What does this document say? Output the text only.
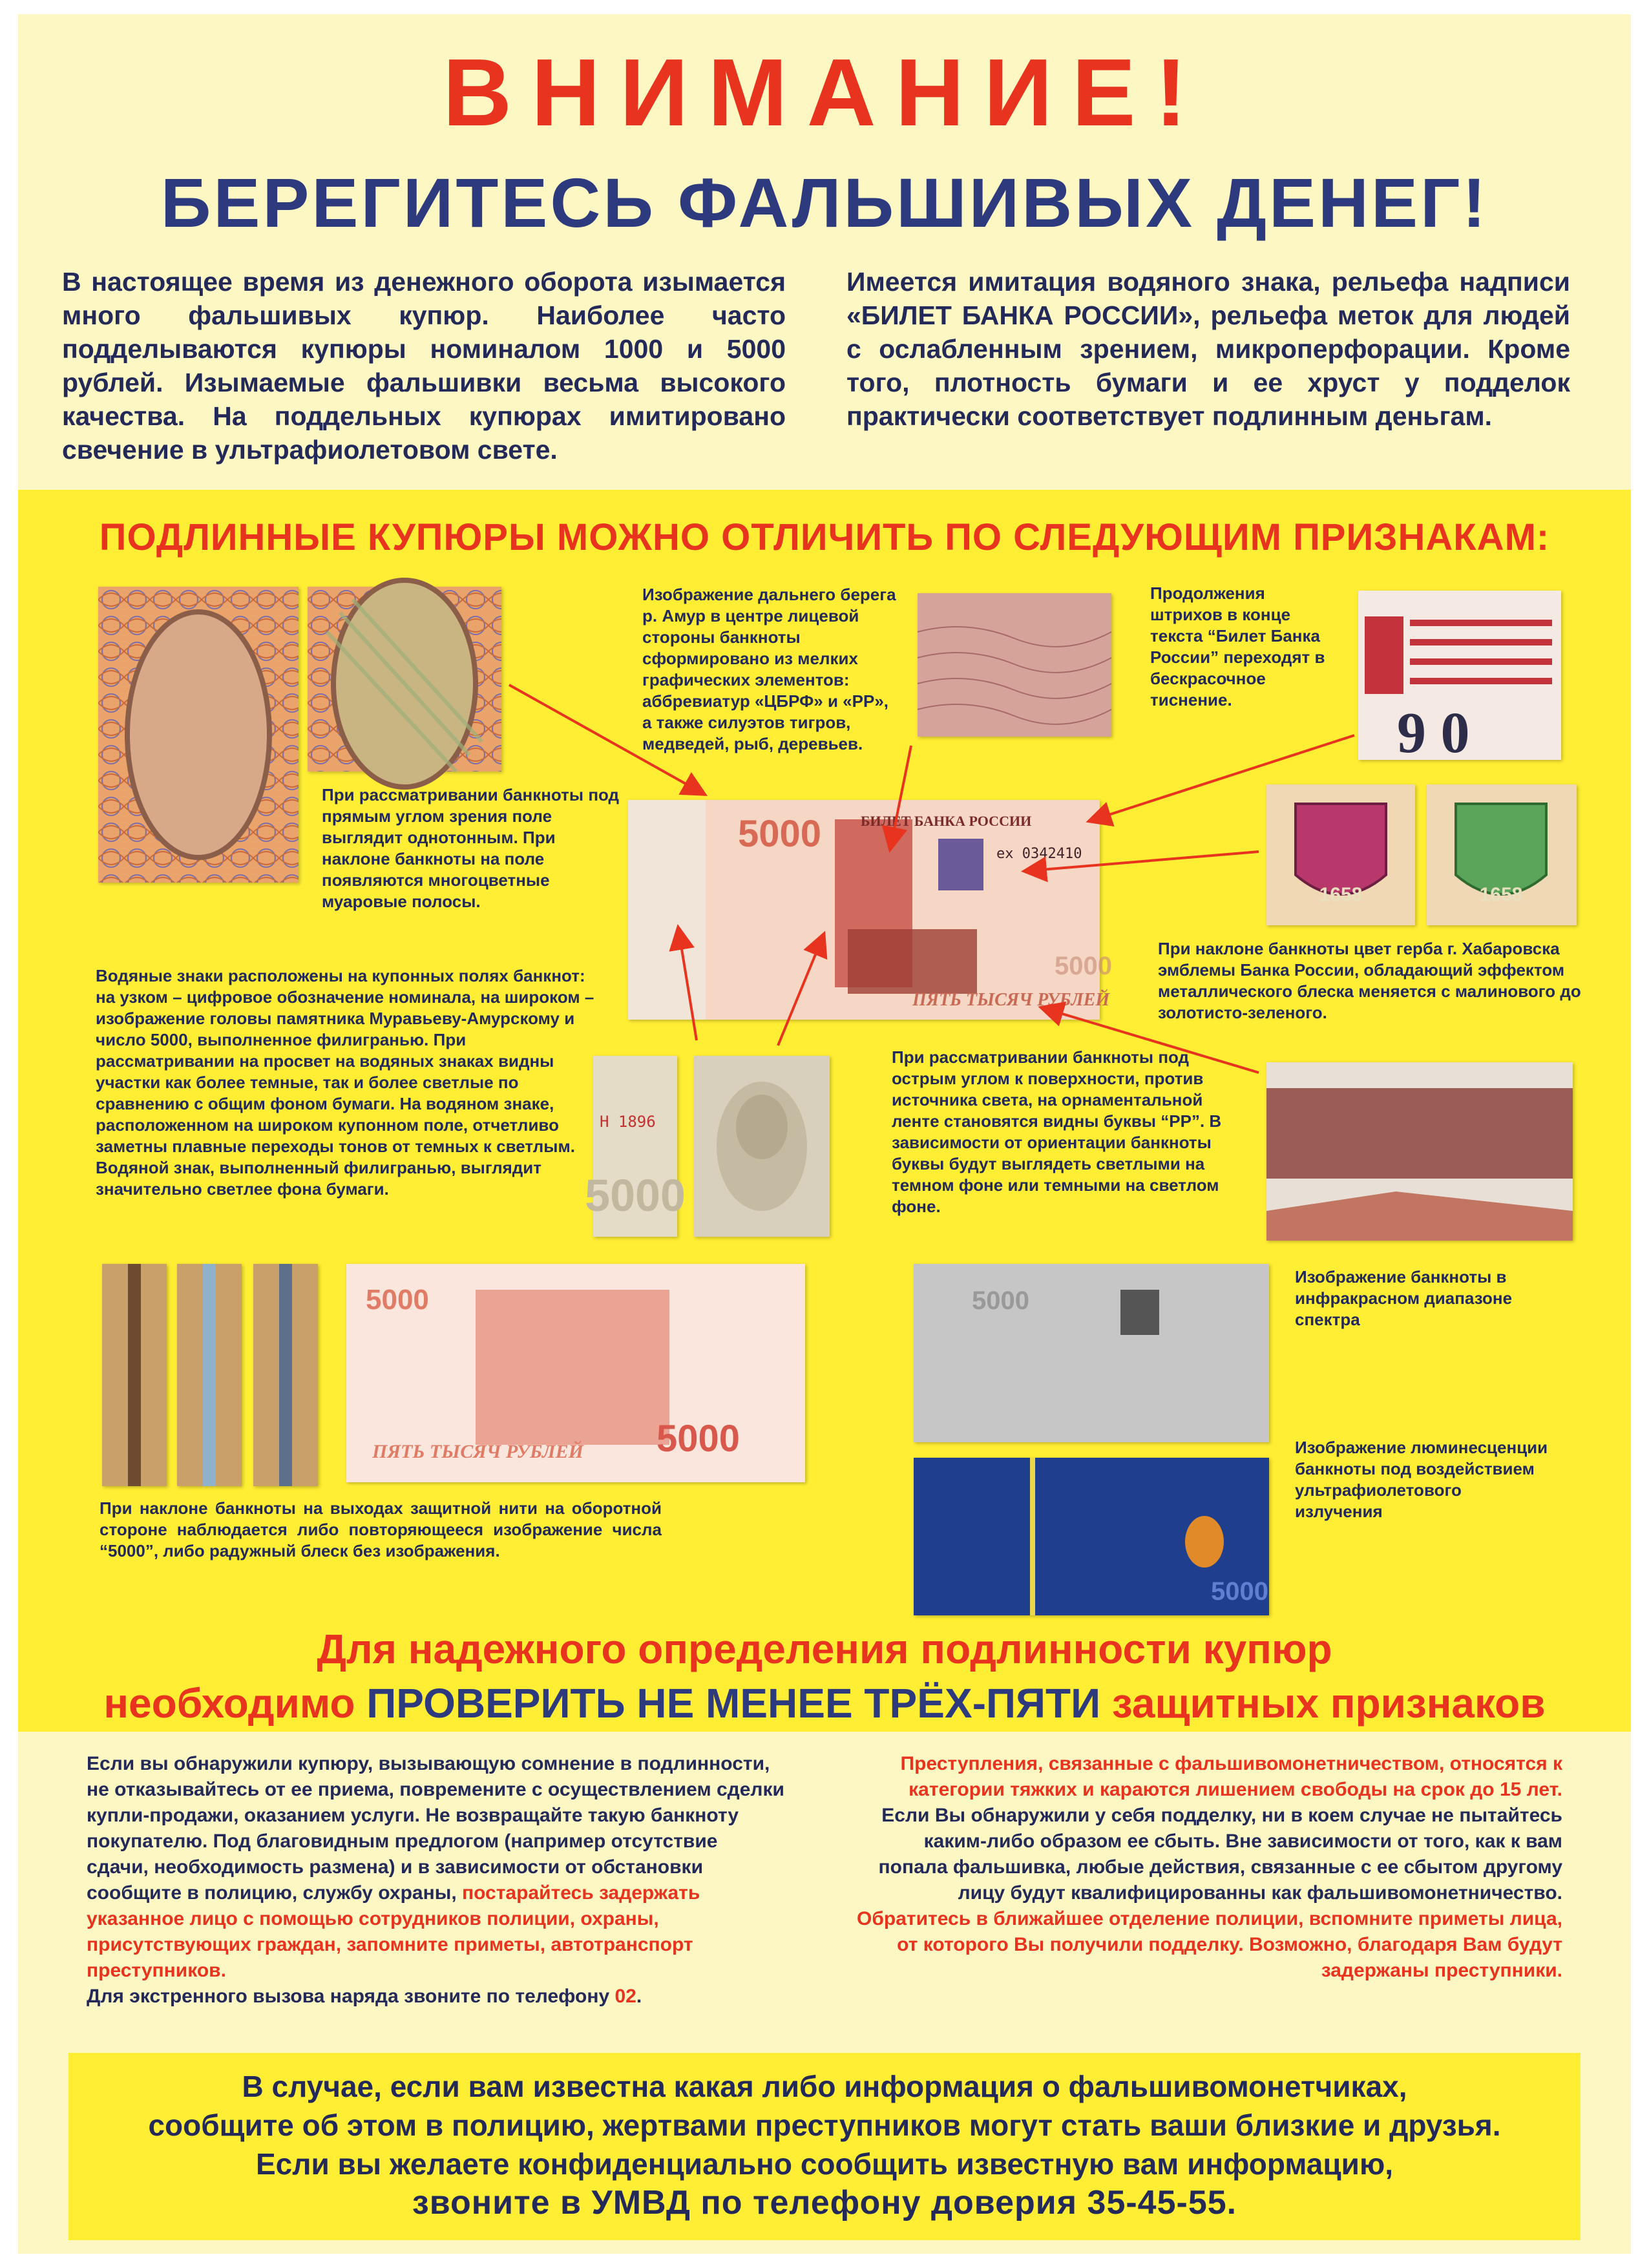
ВНИМАНИЕ!
БЕРЕГИТЕСЬ ФАЛЬШИВЫХ ДЕНЕГ!
В настоящее время из денежного оборота изымается много фальшивых купюр. Наиболее часто подделываются купюры номиналом 1000 и 5000 рублей. Изымаемые фальшивки весьма высокого качества. На поддельных купюрах имитировано свечение в ультрафиолетовом свете.
Имеется имитация водяного знака, рельефа надписи «БИЛЕТ БАНКА РОССИИ», рельефа меток для людей с ослабленным зрением, микроперфорации. Кроме того, плотность бумаги и ее хруст у подделок практически соответствует подлинным деньгам.
ПОДЛИННЫЕ КУПЮРЫ МОЖНО ОТЛИЧИТЬ ПО СЛЕДУЮЩИМ ПРИЗНАКАМ:
При рассматривании банкноты под прямым углом зрения поле выглядит однотонным. При наклоне банкноты на поле появляются многоцветные муаровые полосы.
Изображение дальнего берега р. Амур в центре лицевой стороны банкноты сформировано из мелких графических элементов: аббревиатур «ЦБРФ» и «РР», а также силуэтов тигров, медведей, рыб, деревьев.
Продолжения штрихов в конце текста “Билет Банка России” переходят в бескрасочное тиснение.
9 0
1658	1658
При наклоне банкноты цвет герба г. Хабаровска эмблемы Банка России, обладающий эффектом металлического блеска меняется с малинового до золотисто-зеленого.
5000	БИЛЕТ БАНКА РОССИИ
ех 0342410
ПЯТЬ ТЫСЯЧ РУБЛЕЙ
5000
Водяные знаки расположены на купонных полях банкнот: на узком – цифровое обозначение номинала, на широком – изображение головы памятника Муравьеву-Амурскому и число 5000, выполненное филигранью. При рассматривании на просвет на водяных знаках видны участки как более темные, так и более светлые по сравнению с общим фоном бумаги. На водяном знаке, расположенном на широком купонном поле, отчетливо заметны плавные переходы тонов от темных к светлым. Водяной знак, выполненный филигранью, выглядит значительно светлее фона бумаги.
Н 1896
5000
При рассматривании банкноты под острым углом к поверхности, против источника света, на орнаментальной ленте становятся видны буквы “РР”. В зависимости от ориентации банкноты буквы будут выглядеть светлыми на темном фоне или темными на светлом фоне.
5000
ПЯТЬ ТЫСЯЧ РУБЛЕЙ 5000
При наклоне банкноты на выходах защитной нити на оборотной стороне наблюдается либо повторяющееся изображение числа “5000”, либо радужный блеск без изображения.
5000
Изображение банкноты в инфракрасном диапазоне спектра
5000
Изображение люминесценции банкноты под воздействием ультрафиолетового излучения
Для надежного определения подлинности купюр
необходимо ПРОВЕРИТЬ НЕ МЕНЕЕ ТРЁХ-ПЯТИ защитных признаков
Если вы обнаружили купюру, вызывающую сомнение в подлинности, не отказывайтесь от ее приема, повремените с осуществлением сделки купли-продажи, оказанием услуги. Не возвращайте такую банкноту покупателю. Под благовидным предлогом (например отсутствие сдачи, необходимость размена) и в зависимости от обстановки сообщите в полицию, службу охраны, постарайтесь задержать указанное лицо с помощью сотрудников полиции, охраны, присутствующих граждан, запомните приметы, автотранспорт преступников.
Для экстренного вызова наряда звоните по телефону 02.
Преступления, связанные с фальшивомонетничеством, относятся к категории тяжких и караются лишением свободы на срок до 15 лет.
Если Вы обнаружили у себя подделку, ни в коем случае не пытайтесь каким-либо образом ее сбыть. Вне зависимости от того, как к вам попала фальшивка, любые действия, связанные с ее сбытом другому лицу будут квалифицированны как фальшивомонетничество.
Обратитесь в ближайшее отделение полиции, вспомните приметы лица, от которого Вы получили подделку. Возможно, благодаря Вам будут задержаны преступники.
В случае, если вам известна какая либо информация о фальшивомонетчиках,
сообщите об этом в полицию, жертвами преступников могут стать ваши близкие и друзья.
Если вы желаете конфиденциально сообщить известную вам информацию,
звоните в УМВД по телефону доверия 35-45-55.
